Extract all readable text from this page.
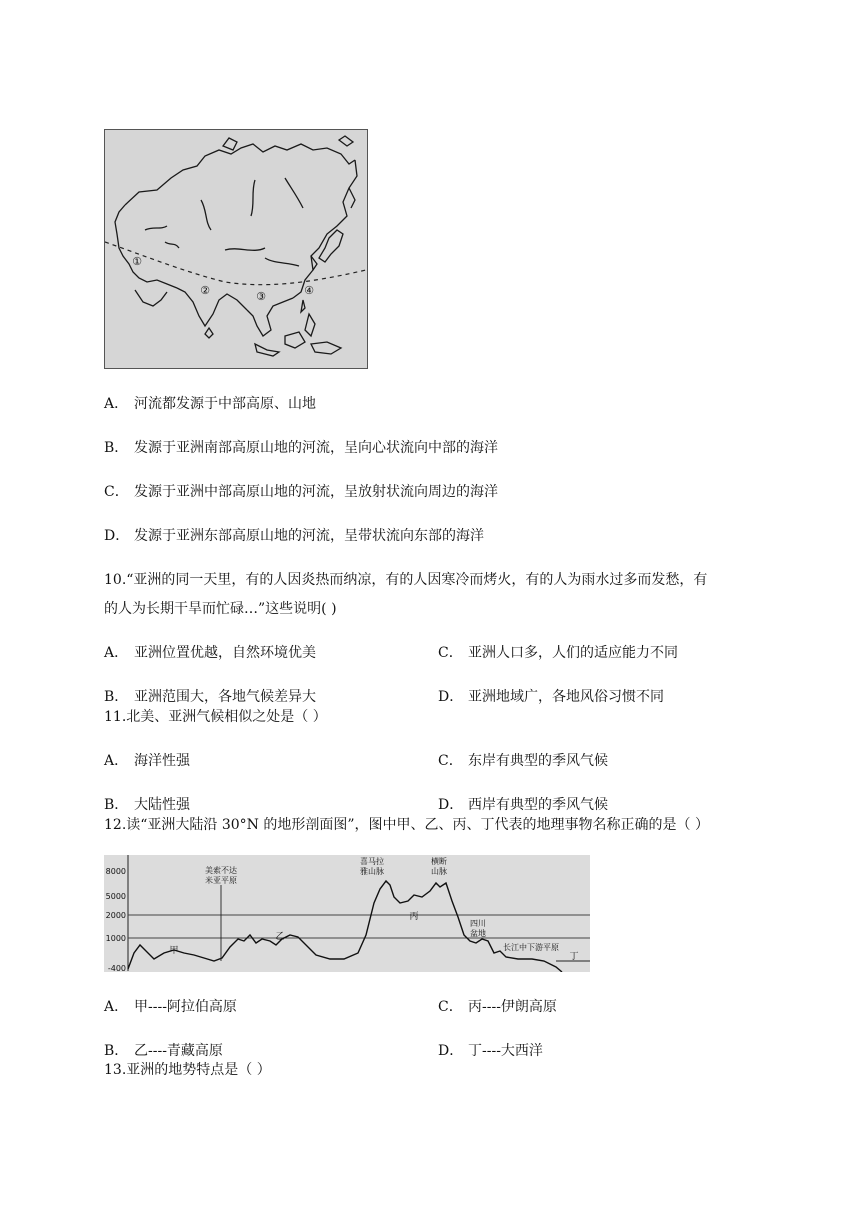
①
②	③	④
A． 河流都发源于中部高原、山地
B． 发源于亚洲南部高原山地的河流，呈向心状流向中部的海洋
C． 发源于亚洲中部高原山地的河流，呈放射状流向周边的海洋
D． 发源于亚洲东部高原山地的河流，呈带状流向东部的海洋
10.“亚洲的同一天里，有的人因炎热而纳凉，有的人因寒冷而烤火，有的人为雨水过多而发愁，有
的人为长期干旱而忙碌…”这些说明( )
A． 亚洲位置优越，自然环境优美	C． 亚洲人口多，人们的适应能力不同
B． 亚洲范围大，各地气候差异大	D． 亚洲地域广，各地风俗习惯不同
11.北美、亚洲气候相似之处是（ ）
A． 海洋性强	C． 东岸有典型的季风气候
B． 大陆性强	D． 西岸有典型的季风气候
12.读“亚洲大陆沿 30°N 的地形剖面图”，图中甲、乙、丙、丁代表的地理事物名称正确的是（ ）
8000
5000
2000
1000
-400
美索不达
米亚平原
喜马拉
雅山脉
横断
山脉
四川
盆地
长江中下游平原
甲
乙
丙
丁
A． 甲----阿拉伯高原	C． 丙----伊朗高原
B． 乙----青藏高原	D． 丁----大西洋
13.亚洲的地势特点是（ ）
